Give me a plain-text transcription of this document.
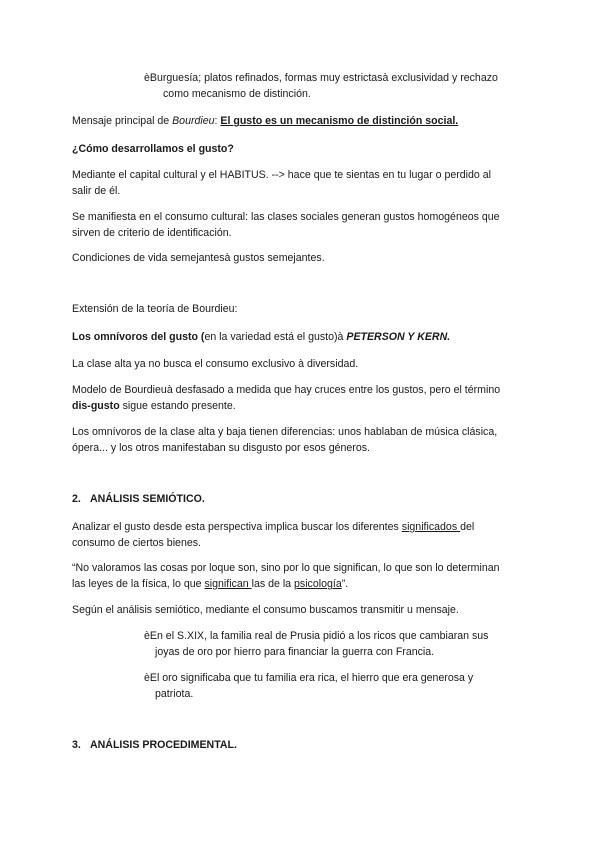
èBurguesía; platos refinados, formas muy estrictasà exclusividad y rechazo
como mecanismo de distinción.
Mensaje principal de Bourdieu: El gusto es un mecanismo de distinción social.
¿Cómo desarrollamos el gusto?
Mediante el capital cultural y el HABITUS. --> hace que te sientas en tu lugar o perdido al
salir de él.
Se manifiesta en el consumo cultural: las clases sociales generan gustos homogéneos que
sirven de criterio de identificación.
Condiciones de vida semejantesà gustos semejantes.
Extensión de la teoría de Bourdieu:
Los omnívoros del gusto (en la variedad está el gusto)à PETERSON Y KERN.
La clase alta ya no busca el consumo exclusivo à diversidad.
Modelo de Bourdieuà desfasado a medida que hay cruces entre los gustos, pero el término
dis-gusto sigue estando presente.
Los omnívoros de la clase alta y baja tienen diferencias: unos hablaban de música clásica,
ópera... y los otros manifestaban su disgusto por esos géneros.
2. ANÁLISIS SEMIÓTICO.
Analizar el gusto desde esta perspectiva implica buscar los diferentes significados del
consumo de ciertos bienes.
“No valoramos las cosas por loque son, sino por lo que significan, lo que son lo determinan
las leyes de la física, lo que significan las de la psicología”.
Según el análisis semiótico, mediante el consumo buscamos transmitir u mensaje.
èEn el S.XIX, la familia real de Prusia pidió a los ricos que cambiaran sus
joyas de oro por hierro para financiar la guerra con Francia.
èEl oro significaba que tu familia era rica, el hierro que era generosa y
patriota.
3. ANÁLISIS PROCEDIMENTAL.
